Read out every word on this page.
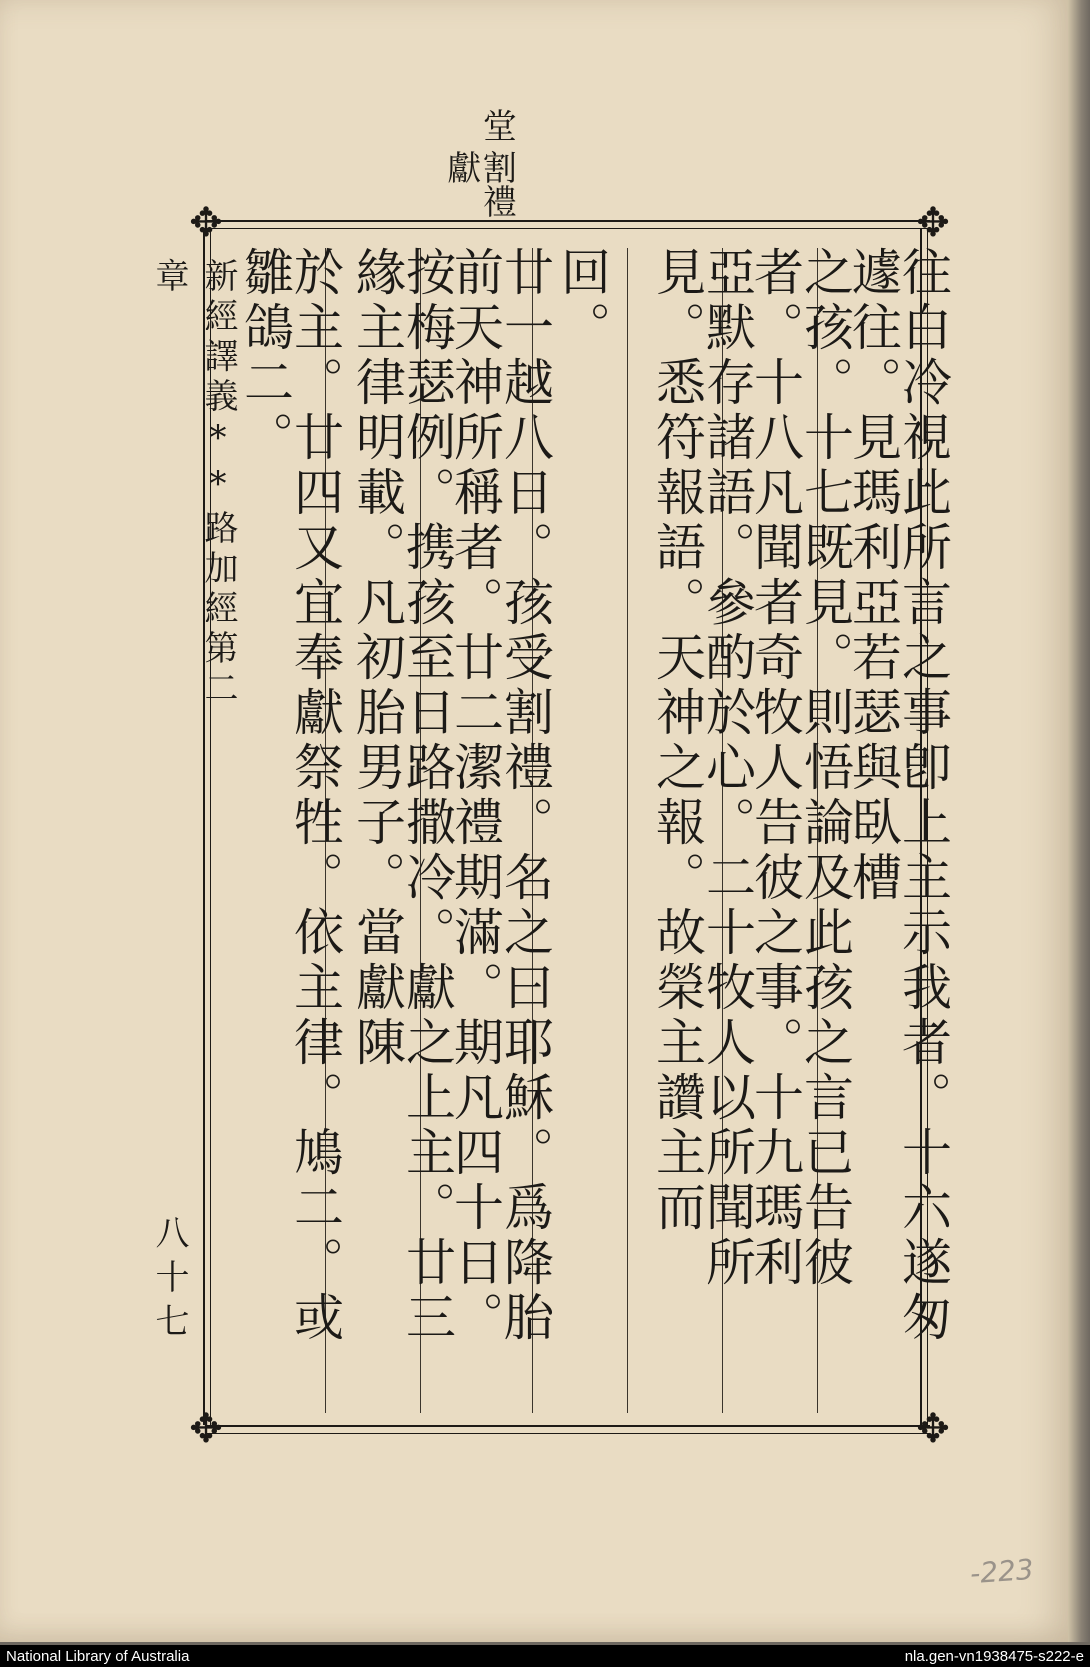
割禮獻
堂
新經譯義**路加經第二章
八十七
✥	✥
✥	✥
往白冷視此所言之事卽上主示我者。十六遂匆遽往。見瑪利亞若瑟與臥槽
之孩。十七既見。則悟論及此孩之言已告彼者。十八凡聞者奇牧人告彼之事。十九瑪利
亞默存諸語。參酌於心。二十牧人以所聞所見。悉符報語。天神之報。故榮主讚主而
回。
廿一越八日。孩受割禮。名之曰耶穌。爲降胎前天神所稱者。廿二潔禮期滿。期凡四十日。
按梅瑟例。携孩至日路撒冷。獻之上主。廿三緣主律明載。凡初胎男子。當獻陳
於主。廿四又宜奉獻祭牲。依主律。鳩二。或雛鴿二。
-223
National Library of Australia	nla.gen-vn1938475-s222-e
